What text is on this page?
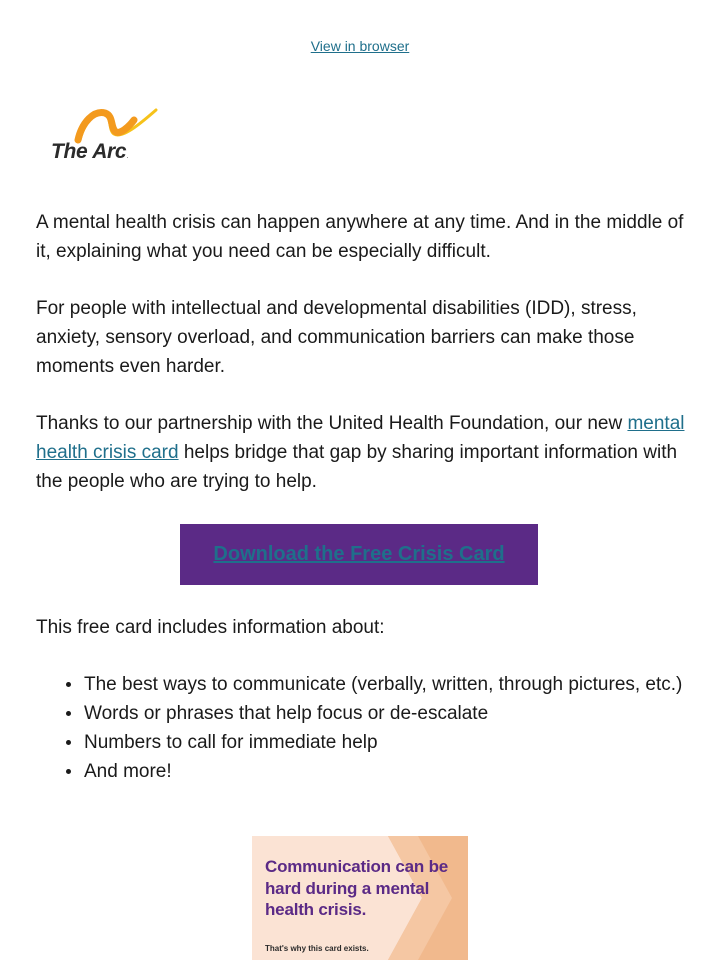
View in browser
The Arc.

A mental health crisis can happen anywhere at any time. And in the middle of it, explaining what you need can be especially difficult.

For people with intellectual and developmental disabilities (IDD), stress, anxiety, sensory overload, and communication barriers can make those moments even harder.

Thanks to our partnership with the United Health Foundation, our new mental health crisis card helps bridge that gap by sharing important information with the people who are trying to help.

Download the Free Crisis Card

This free card includes information about:

The best ways to communicate (verbally, written, through pictures, etc.)
Words or phrases that help focus or de-escalate
Numbers to call for immediate help
And more!
Communication can be hard during a mental health crisis.
That's why this card exists.
